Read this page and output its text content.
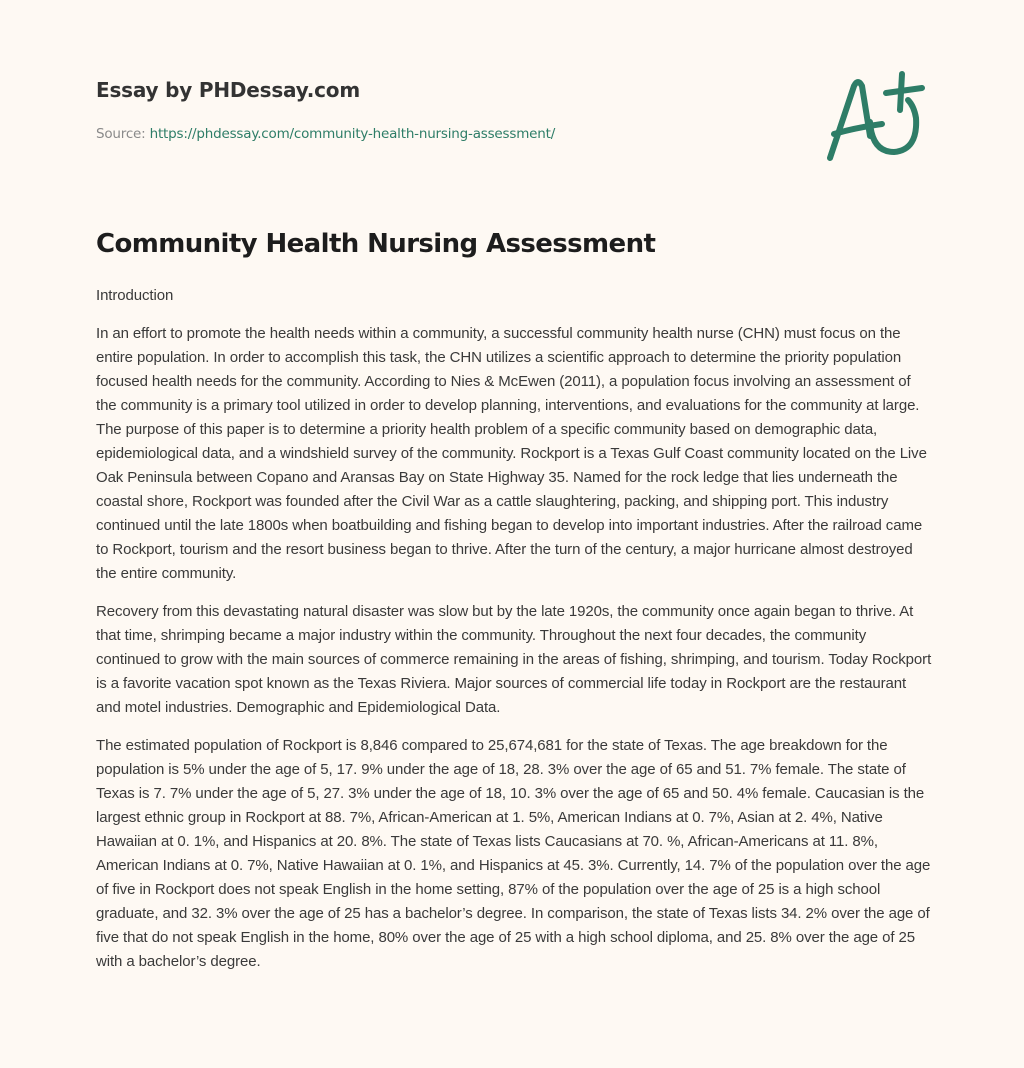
Essay by PHDessay.com
Source: https://phdessay.com/community-health-nursing-assessment/
Community Health Nursing Assessment

Introduction

In an effort to promote the health needs within a community, a successful community health nurse (CHN) must focus on the entire population. In order to accomplish this task, the CHN utilizes a scientific approach to determine the priority population focused health needs for the community. According to Nies & McEwen (2011), a population focus involving an assessment of the community is a primary tool utilized in order to develop planning, interventions, and evaluations for the community at large. The purpose of this paper is to determine a priority health problem of a specific community based on demographic data, epidemiological data, and a windshield survey of the community. Rockport is a Texas Gulf Coast community located on the Live Oak Peninsula between Copano and Aransas Bay on State Highway 35. Named for the rock ledge that lies underneath the coastal shore, Rockport was founded after the Civil War as a cattle slaughtering, packing, and shipping port. This industry continued until the late 1800s when boatbuilding and fishing began to develop into important industries. After the railroad came to Rockport, tourism and the resort business began to thrive. After the turn of the century, a major hurricane almost destroyed the entire community.

Recovery from this devastating natural disaster was slow but by the late 1920s, the community once again began to thrive. At that time, shrimping became a major industry within the community. Throughout the next four decades, the community continued to grow with the main sources of commerce remaining in the areas of fishing, shrimping, and tourism. Today Rockport is a favorite vacation spot known as the Texas Riviera. Major sources of commercial life today in Rockport are the restaurant and motel industries. Demographic and Epidemiological Data.

The estimated population of Rockport is 8,846 compared to 25,674,681 for the state of Texas. The age breakdown for the population is 5% under the age of 5, 17. 9% under the age of 18, 28. 3% over the age of 65 and 51. 7% female. The state of Texas is 7. 7% under the age of 5, 27. 3% under the age of 18, 10. 3% over the age of 65 and 50. 4% female. Caucasian is the largest ethnic group in Rockport at 88. 7%, African-American at 1. 5%, American Indians at 0. 7%, Asian at 2. 4%, Native Hawaiian at 0. 1%, and Hispanics at 20. 8%. The state of Texas lists Caucasians at 70. %, African-Americans at 11. 8%, American Indians at 0. 7%, Native Hawaiian at 0. 1%, and Hispanics at 45. 3%. Currently, 14. 7% of the population over the age of five in Rockport does not speak English in the home setting, 87% of the population over the age of 25 is a high school graduate, and 32. 3% over the age of 25 has a bachelor’s degree. In comparison, the state of Texas lists 34. 2% over the age of five that do not speak English in the home, 80% over the age of 25 with a high school diploma, and 25. 8% over the age of 25 with a bachelor’s degree.
